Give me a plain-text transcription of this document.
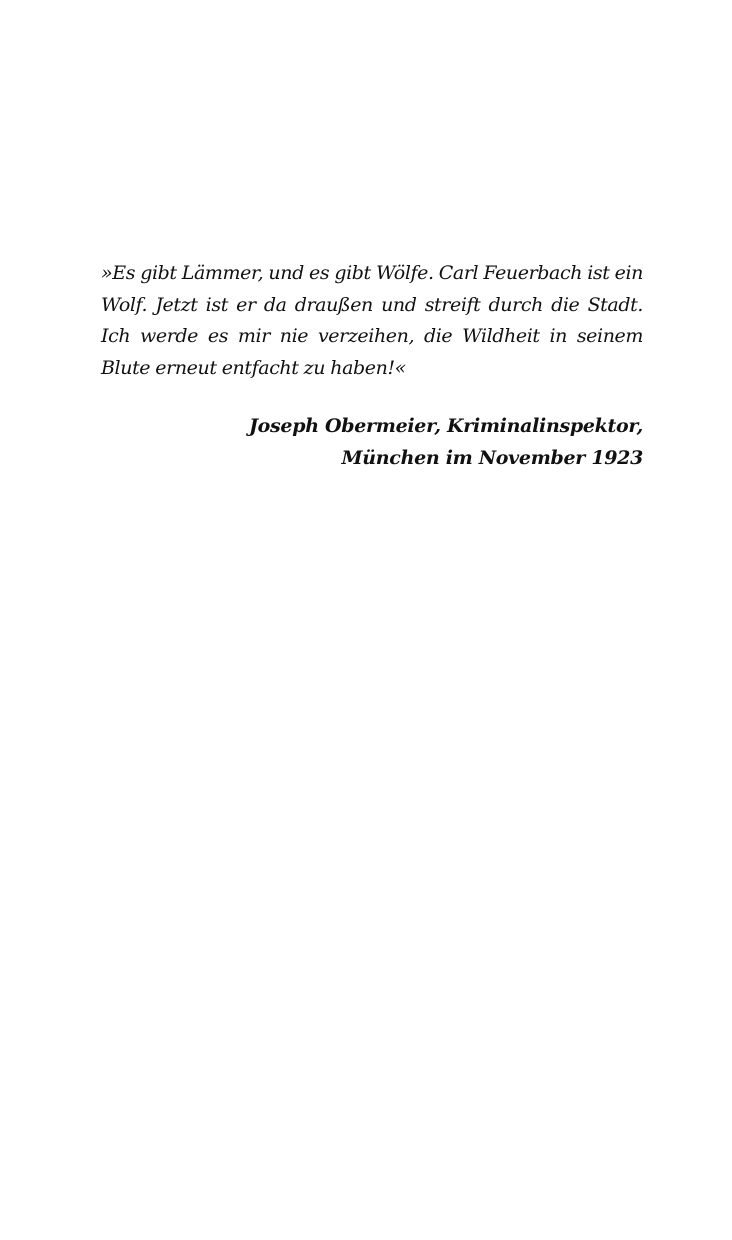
»Es gibt Lämmer, und es gibt Wölfe. Carl Feuerbach ist ein Wolf. Jetzt ist er da draußen und streift durch die Stadt. Ich werde es mir nie verzeihen, die Wildheit in seinem Blute erneut entfacht zu haben!«

Joseph Obermeier, Kriminalinspektor,
München im November 1923
